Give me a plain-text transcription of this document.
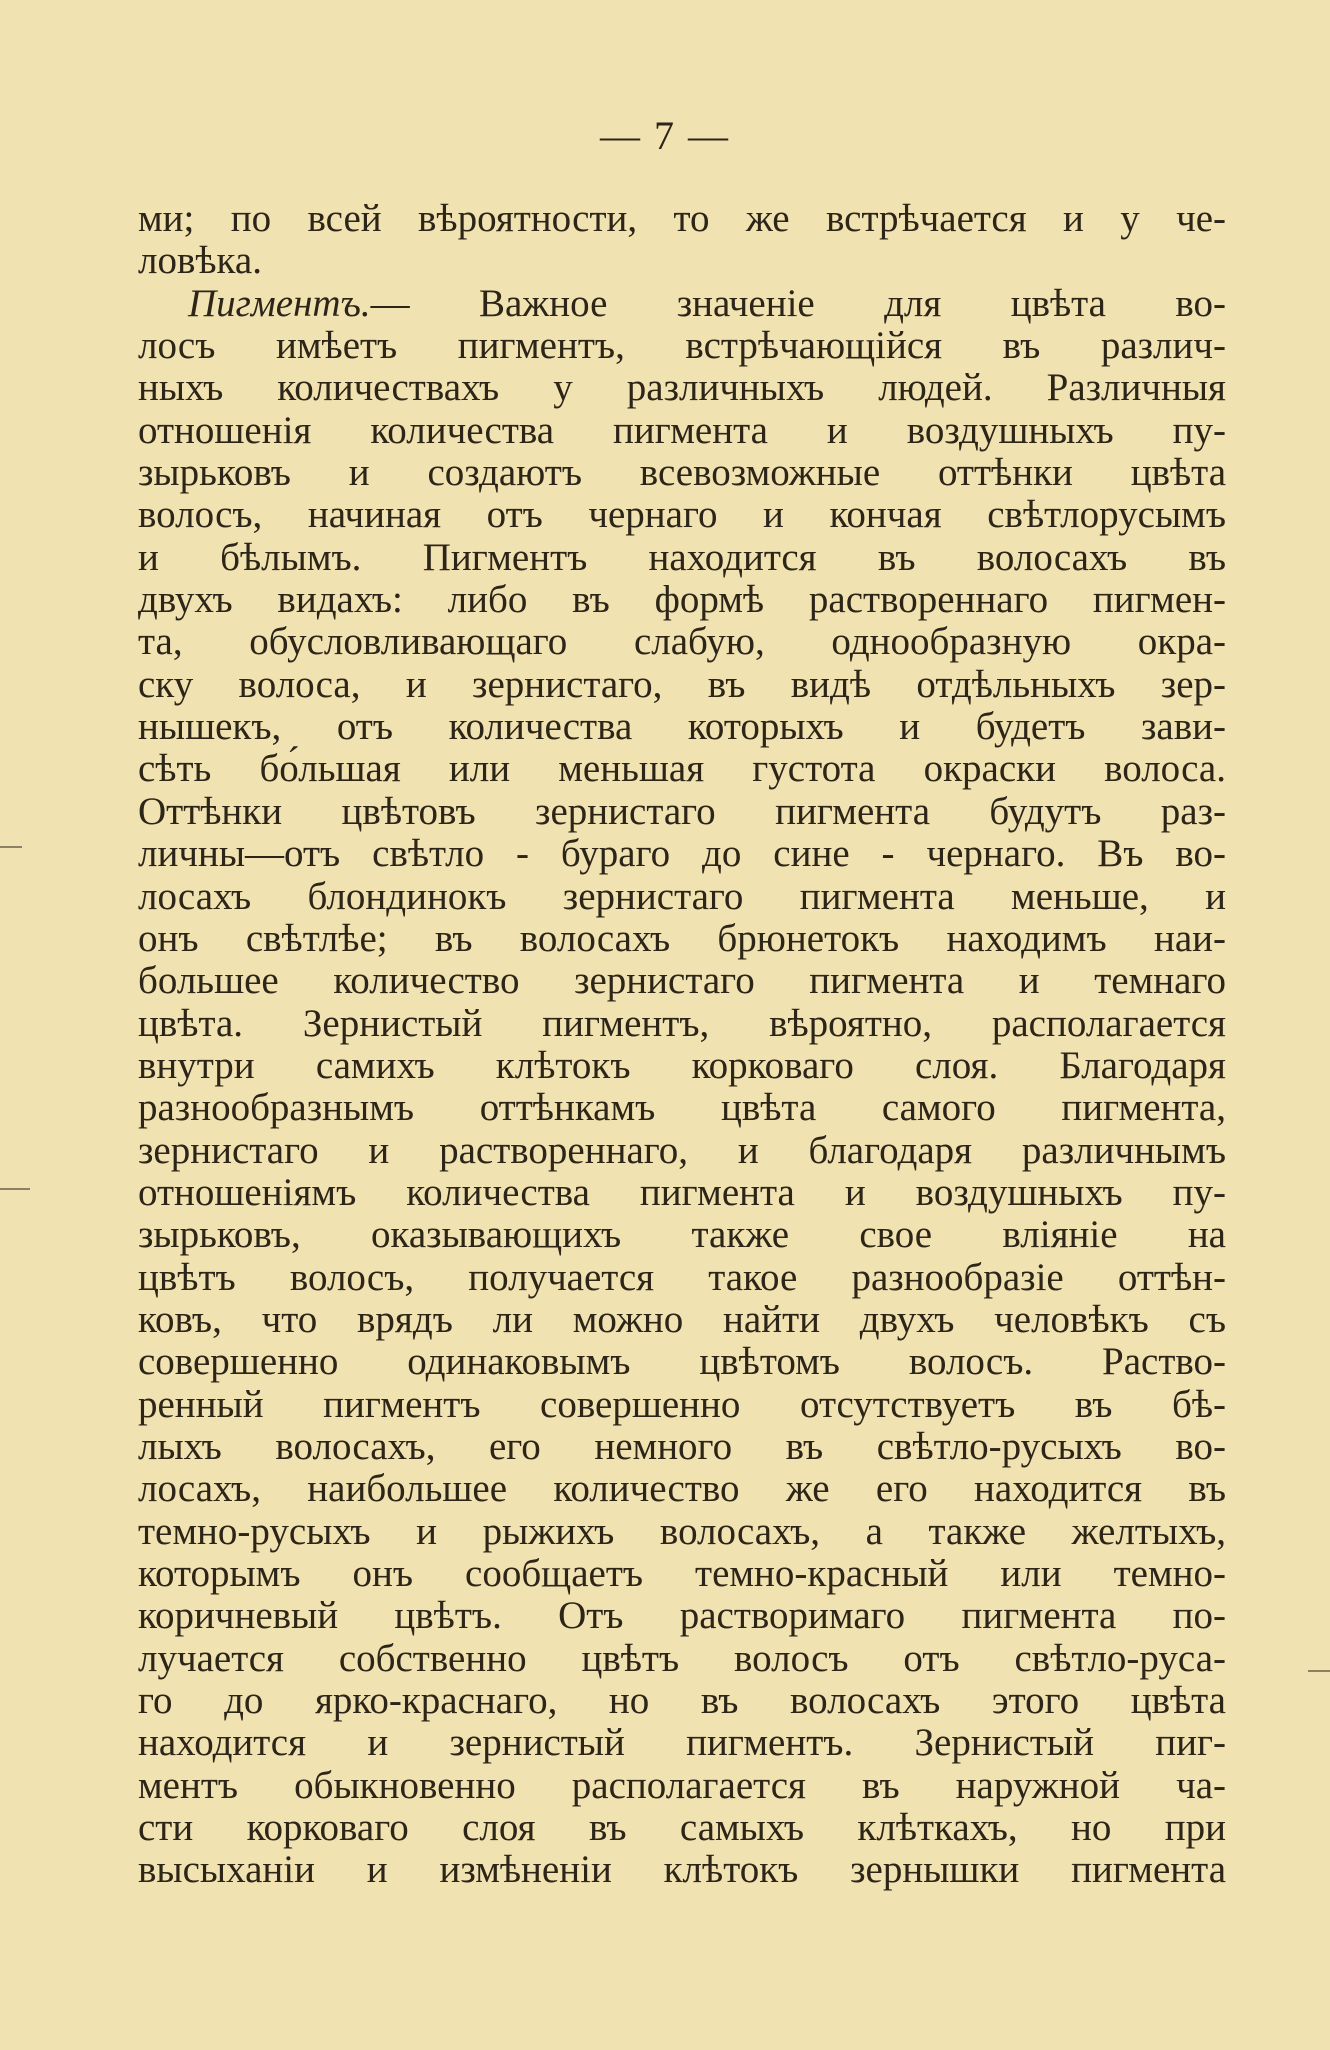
— 7 —
ми; по всей вѣроятности, то же встрѣчается и у че-
ловѣка.
Пигментъ.— Важное значеніе для цвѣта во-
лосъ имѣетъ пигментъ, встрѣчающійся въ различ-
ныхъ количествахъ у различныхъ людей. Различныя
отношенія количества пигмента и воздушныхъ пу-
зырьковъ и создаютъ всевозможные оттѣнки цвѣта
волосъ, начиная отъ чернаго и кончая свѣтлорусымъ
и бѣлымъ. Пигментъ находится въ волосахъ въ
двухъ видахъ: либо въ формѣ раствореннаго пигмен-
та, обусловливающаго слабую, однообразную окра-
ску волоса, и зернистаго, въ видѣ отдѣльныхъ зер-
нышекъ, отъ количества которыхъ и будетъ зави-
сѣть бо́льшая или меньшая густота окраски волоса.
Оттѣнки цвѣтовъ зернистаго пигмента будутъ раз-
личны—отъ свѣтло - бураго до сине - чернаго. Въ во-
лосахъ блондинокъ зернистаго пигмента меньше, и
онъ свѣтлѣе; въ волосахъ брюнетокъ находимъ наи-
большее количество зернистаго пигмента и темнаго
цвѣта. Зернистый пигментъ, вѣроятно, располагается
внутри самихъ клѣтокъ корковаго слоя. Благодаря
разнообразнымъ оттѣнкамъ цвѣта самого пигмента,
зернистаго и раствореннаго, и благодаря различнымъ
отношеніямъ количества пигмента и воздушныхъ пу-
зырьковъ, оказывающихъ также свое вліяніе на
цвѣтъ волосъ, получается такое разнообразіе оттѣн-
ковъ, что врядъ ли можно найти двухъ человѣкъ съ
совершенно одинаковымъ цвѣтомъ волосъ. Раство-
ренный пигментъ совершенно отсутствуетъ въ бѣ-
лыхъ волосахъ, его немного въ свѣтло-русыхъ во-
лосахъ, наибольшее количество же его находится въ
темно-русыхъ и рыжихъ волосахъ, а также желтыхъ,
которымъ онъ сообщаетъ темно-красный или темно-
коричневый цвѣтъ. Отъ растворимаго пигмента по-
лучается собственно цвѣтъ волосъ отъ свѣтло-руса-
го до ярко-краснаго, но въ волосахъ этого цвѣта
находится и зернистый пигментъ. Зернистый пиг-
ментъ обыкновенно располагается въ наружной ча-
сти корковаго слоя въ самыхъ клѣткахъ, но при
высыханіи и измѣненіи клѣтокъ зернышки пигмента
